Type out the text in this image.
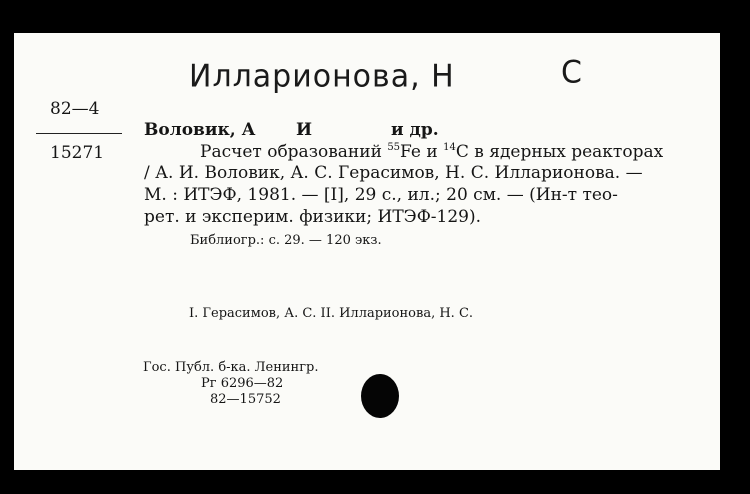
Илларионова, Н	С
82—4
15271
Воловик, А И	и др.
Расчет образований $^{55}$Fe и $^{14}$C в ядерных реакторах
/ А. И. Воловик, А. С. Герасимов, Н. С. Илларионова. —
М. : ИТЭФ, 1981. — [I], 29 с., ил.; 20 см. — (Ин-т тео-
рет. и эксперим. физики; ИТЭФ-129).
Библиогр.: с. 29. — 120 экз.
I. Герасимов, А. С. II. Илларионова, Н. С.
Гос. Публ. б-ка. Ленингр.
Рг 6296—82
82—15752
